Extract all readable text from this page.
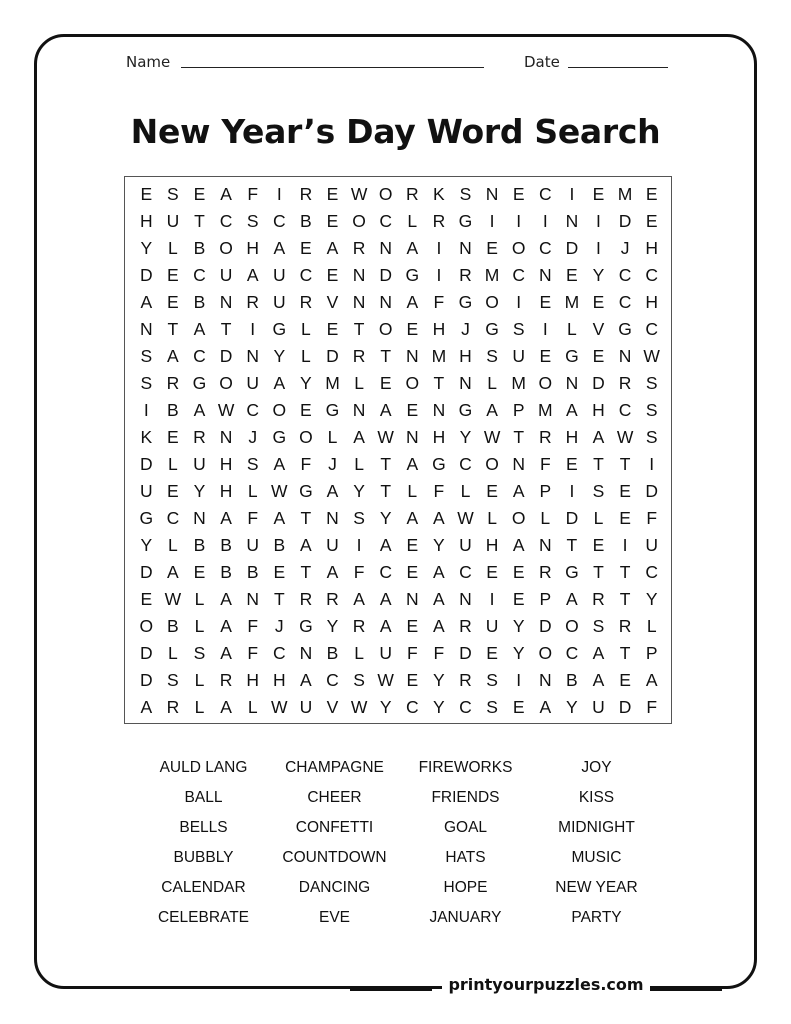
Name	Date
New Year’s Day Word Search
E S E A F	I	R E W O R K S N E C	I	E M E
H U T C S C B E O C L R G I	I	I	N	I	D E
Y L B O H A E A R N A	I	N E O C D	I	J H
D E C U A U C E N D G I	R M C N E Y C C
A E B N R U R V N N A F G O I	E M E C H
N T A T	I G L E T O E H J G S	I	L V G C
S A C D N Y L D R T N M H S U E G E N W
S R G O U A Y M L E O T N L M O N D R S
I	B A W C O E G N A E N G A P M A H C S
K E R N J G O L A W N H Y W T R H A W S
D L U H S A F J L T A G C O N F E T T	I
U E Y H L W G A Y T L F L E A P	I	S E D
G C N A F A T N S Y A A W L O L D L E F
Y L B B U B A U	I	A E Y U H A N T E	I	U
D A E B B E T A F C E A C E E R G T T C
E W L A N T R R A A N A N	I	E P A R T Y
O B L A F J G Y R A E A R U Y D O S R L
D L S A F C N B L U F F D E Y O C A T P
D S L R H H A C S W E Y R S	I	N B A E A
A R L A L W U V W Y C Y C S E A Y U D F
AULD LANG	CHAMPAGNE	FIREWORKS	JOY
BALL	CHEER	FRIENDS	KISS
BELLS	CONFETTI	GOAL	MIDNIGHT
BUBBLY	COUNTDOWN	HATS	MUSIC
CALENDAR	DANCING	HOPE	NEW YEAR
CELEBRATE	EVE	JANUARY	PARTY
printyourpuzzles.com
